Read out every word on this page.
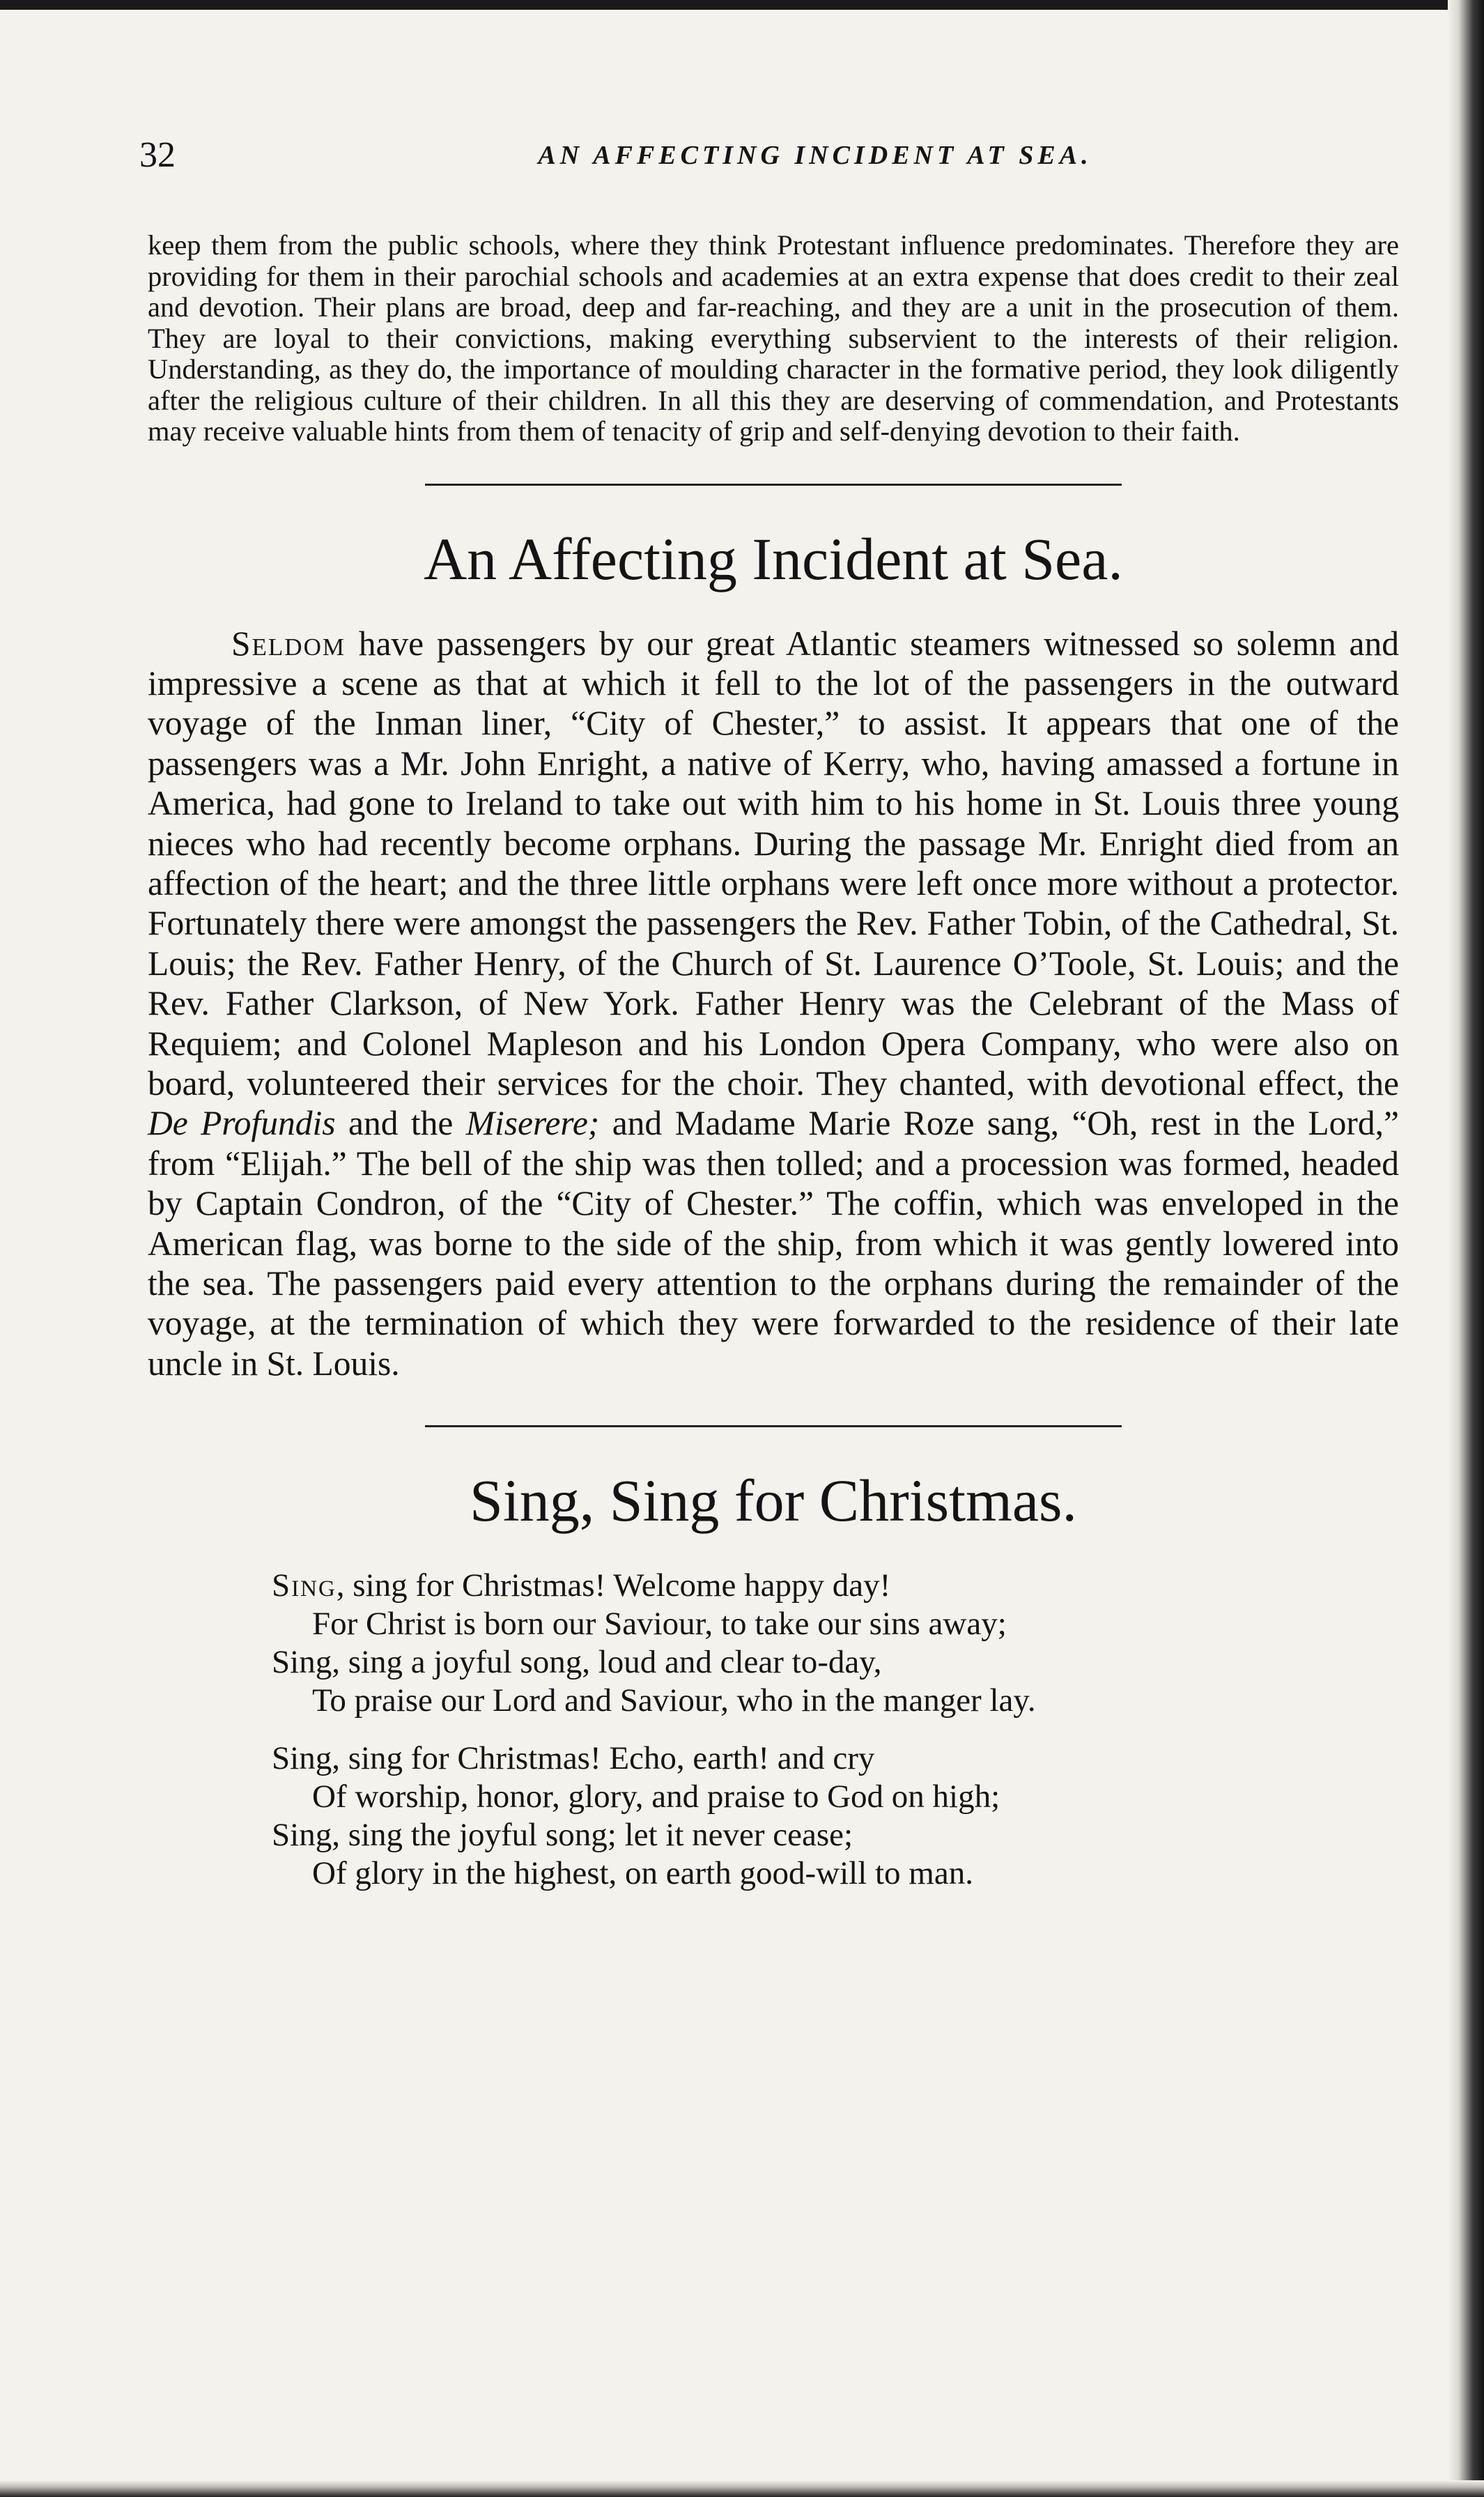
32	AN AFFECTING INCIDENT AT SEA.

keep them from the public schools, where they think Protestant influence predominates. Therefore they are providing for them in their parochial schools and academies at an extra expense that does credit to their zeal and devotion. Their plans are broad, deep and far-reaching, and they are a unit in the prosecution of them. They are loyal to their convictions, making everything subservient to the interests of their religion. Understanding, as they do, the importance of moulding character in the formative period, they look diligently after the religious culture of their children. In all this they are deserving of commendation, and Protestants may receive valuable hints from them of tenacity of grip and self-denying devotion to their faith.

An Affecting Incident at Sea.

Seldom have passengers by our great Atlantic steamers witnessed so solemn and impressive a scene as that at which it fell to the lot of the passengers in the outward voyage of the Inman liner, “City of Chester,” to assist. It appears that one of the passengers was a Mr. John Enright, a native of Kerry, who, having amassed a fortune in America, had gone to Ireland to take out with him to his home in St. Louis three young nieces who had recently become orphans. During the passage Mr. Enright died from an affection of the heart; and the three little orphans were left once more without a protector. Fortunately there were amongst the passengers the Rev. Father Tobin, of the Cathedral, St. Louis; the Rev. Father Henry, of the Church of St. Laurence O’Toole, St. Louis; and the Rev. Father Clarkson, of New York. Father Henry was the Celebrant of the Mass of Requiem; and Colonel Mapleson and his London Opera Company, who were also on board, volunteered their services for the choir. They chanted, with devotional effect, the De Profundis and the Miserere; and Madame Marie Roze sang, “Oh, rest in the Lord,” from “Elijah.” The bell of the ship was then tolled; and a procession was formed, headed by Captain Condron, of the “City of Chester.” The coffin, which was enveloped in the American flag, was borne to the side of the ship, from which it was gently lowered into the sea. The passengers paid every attention to the orphans during the remainder of the voyage, at the termination of which they were forwarded to the residence of their late uncle in St. Louis.

Sing, Sing for Christmas.
Sing, sing for Christmas! Welcome happy day!
For Christ is born our Saviour, to take our sins away;
Sing, sing a joyful song, loud and clear to-day,
To praise our Lord and Saviour, who in the manger lay.
Sing, sing for Christmas! Echo, earth! and cry
Of worship, honor, glory, and praise to God on high;
Sing, sing the joyful song; let it never cease;
Of glory in the highest, on earth good-will to man.
